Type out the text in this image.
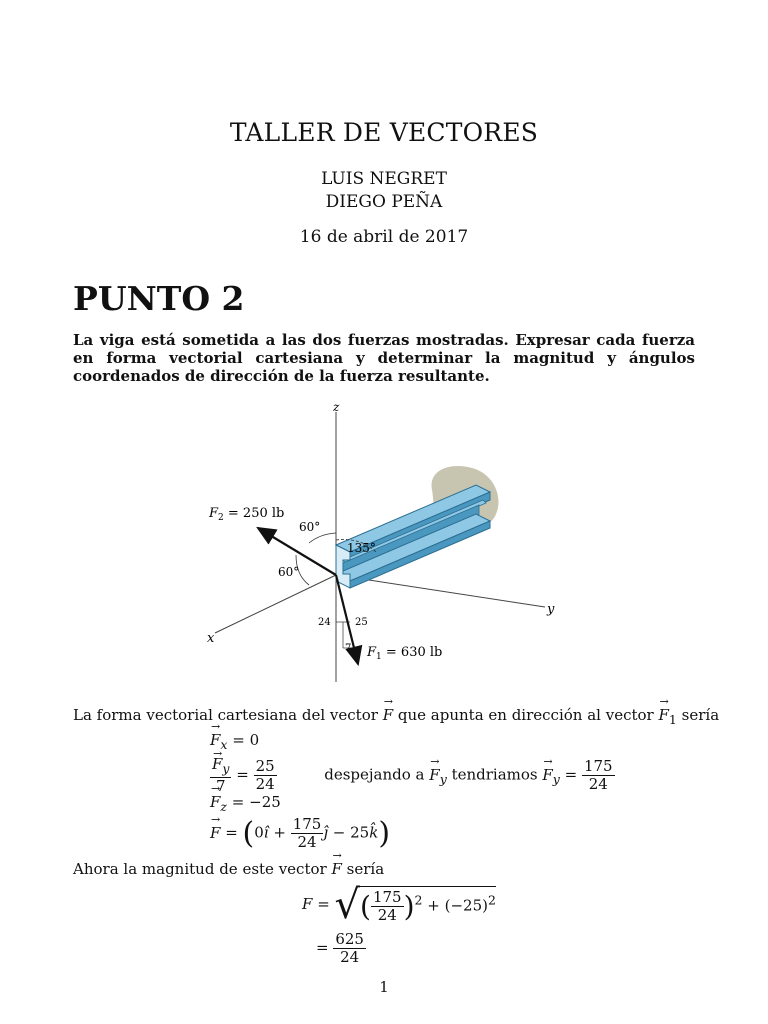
TALLER DE VECTORES
LUIS NEGRET
DIEGO PEÑA
16 de abril de 2017
PUNTO 2

La viga está sometida a las dos fuerzas mostradas. Expresar cada fuerza en forma vectorial cartesiana y determinar la magnitud y ángulos coordenados de dirección de la fuerza resultante.

z
y
x
$F_2 = 250$ lb
$F_1 = 630$ lb
60°
60°
135°
24 25
7
La forma vectorial cartesiana del vector → F que apunta en dirección al vector → $F_1$ sería
→ $F_x = 0$
→ $\frac{F_y}{7} = \frac{25}{24}$	despejando $a \to F_y$ tendriamos → $F_y = \frac{175}{24}$
→ $F_z = -25$
→ F = (0î + $\frac{175}{24}$ ĵ − 25k̂)
Ahora la magnitud de este vector → F sería
F = √( $\frac{175}{24} )^2 + (-25)^2$
= $\frac{625}{24}$
1
